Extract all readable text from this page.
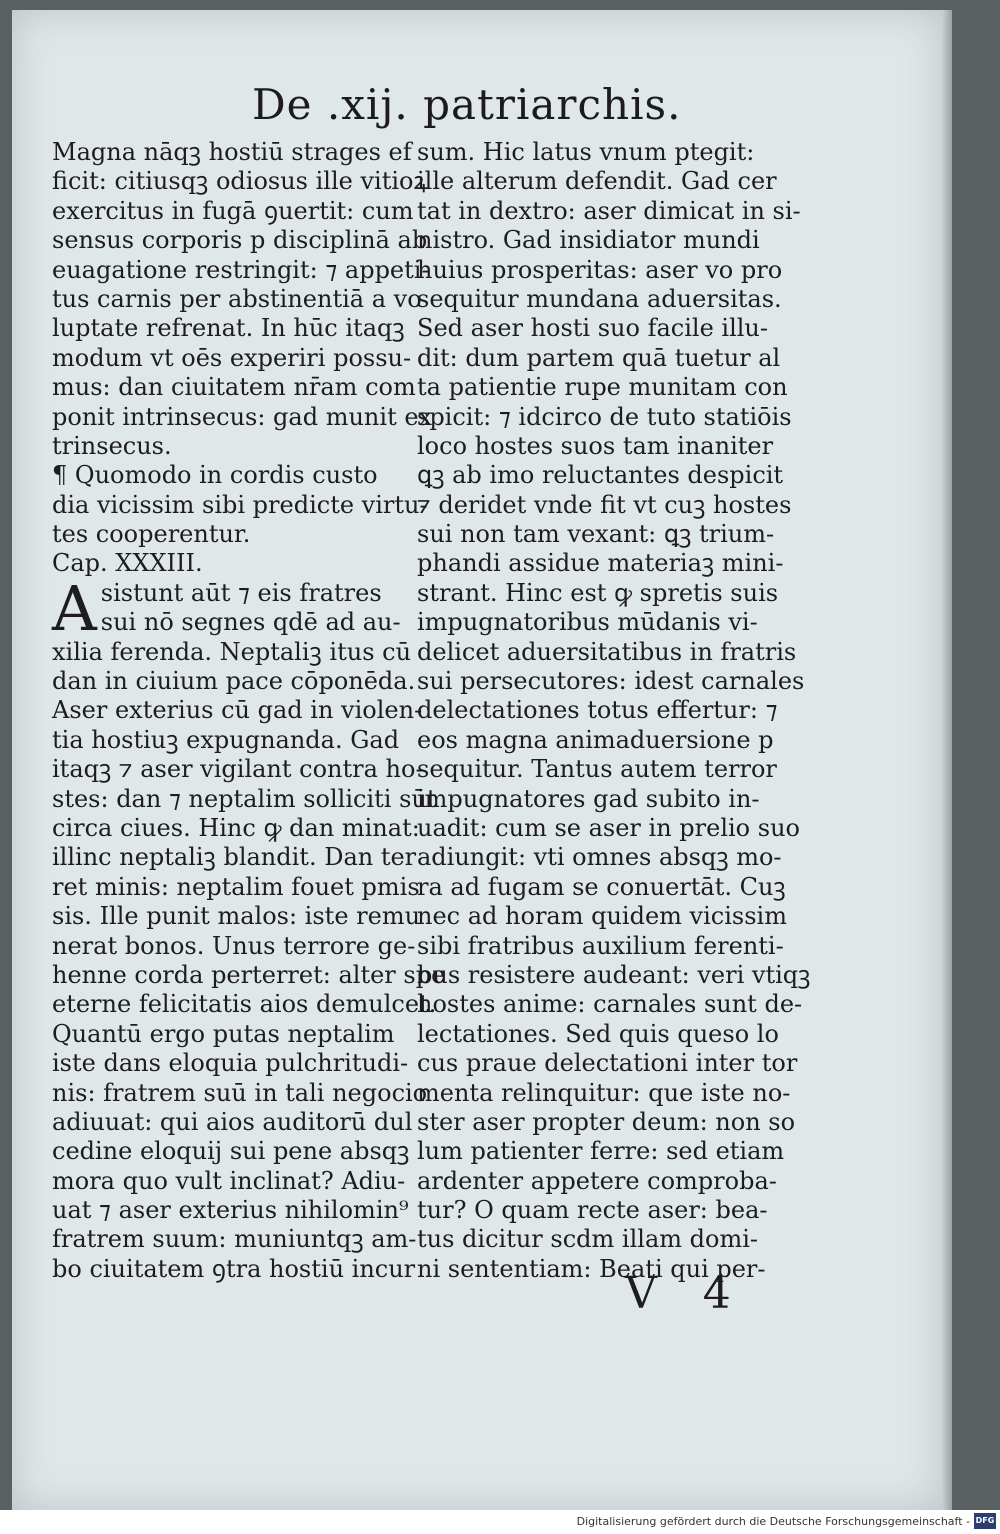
De .xij. patriarchis.
Magna nāqꝫ hostiū strages ef
ficit: citiusqꝫ odiosus ille vitioꝝ
exercitus in fugā ꝯuertit: cum
sensus corporis p disciplinā ab
euagatione restringit: ⁊ appeti-
tus carnis per abstinentiā a vo
luptate refrenat. In hūc itaqꝫ
modum vt oēs experiri possu-
mus: dan ciuitatem nr̄am com
ponit intrinsecus: gad munit ex
trinsecus.
¶ Quomodo in cordis custo
dia vicissim sibi predicte virtu-
tes cooperentur.
Cap. XXXIII.
A sistunt aūt ⁊ eis fratres
sui nō segnes qdē ad au-
xilia ferenda. Neptaliꝫ itus cū
dan in ciuium pace cōponēda.
Aser exterius cū gad in violen-
tia hostiuꝫ expugnanda. Gad
itaqꝫ ⁊ aser vigilant contra ho-
stes: dan ⁊ neptalim solliciti sūt
circa ciues. Hinc ꝙ dan minat:
illinc neptaliꝫ blandit. Dan ter
ret minis: neptalim fouet pmis
sis. Ille punit malos: iste remu
nerat bonos. Unus terrore ge-
henne corda perterret: alter spe
eterne felicitatis aios demulcet.
Quantū ergo putas neptalim
iste dans eloquia pulchritudi-
nis: fratrem suū in tali negocio
adiuuat: qui aios auditorū dul
cedine eloquij sui pene absqꝫ
mora quo vult inclinat? Adiu-
uat ⁊ aser exterius nihilomin⁹
fratrem suum: muniuntqꝫ am-
bo ciuitatem ꝯtra hostiū incur
sum. Hic latus vnum ptegit:
ille alterum defendit. Gad cer
tat in dextro: aser dimicat in si-
nistro. Gad insidiator mundi
huius prosperitas: aser vo pro
sequitur mundana aduersitas.
Sed aser hosti suo facile illu-
dit: dum partem quā tuetur al
ta patientie rupe munitam con
spicit: ⁊ idcirco de tuto statiōis
loco hostes suos tam inaniter
ꝗꝫ ab imo reluctantes despicit
⁊ deridet vnde fit vt cuꝫ hostes
sui non tam vexant: ꝗꝫ trium-
phandi assidue materiaꝫ mini-
strant. Hinc est ꝙ spretis suis
impugnatoribus mūdanis vi-
delicet aduersitatibus in fratris
sui persecutores: idest carnales
delectationes totus effertur: ⁊
eos magna animaduersione p
sequitur. Tantus autem terror
impugnatores gad subito in-
uadit: cum se aser in prelio suo
adiungit: vti omnes absqꝫ mo-
ra ad fugam se conuertāt. Cuꝫ
nec ad horam quidem vicissim
sibi fratribus auxilium ferenti-
bus resistere audeant: veri vtiqꝫ
hostes anime: carnales sunt de-
lectationes. Sed quis queso lo
cus praue delectationi inter tor
menta relinquitur: que iste no-
ster aser propter deum: non so
lum patienter ferre: sed etiam
ardenter appetere comproba-
tur? O quam recte aser: bea-
tus dicitur scdm illam domi-
ni sententiam: Beati qui per-
V 4
Digitalisierung gefördert durch die Deutsche Forschungsgemeinschaft - DFG
